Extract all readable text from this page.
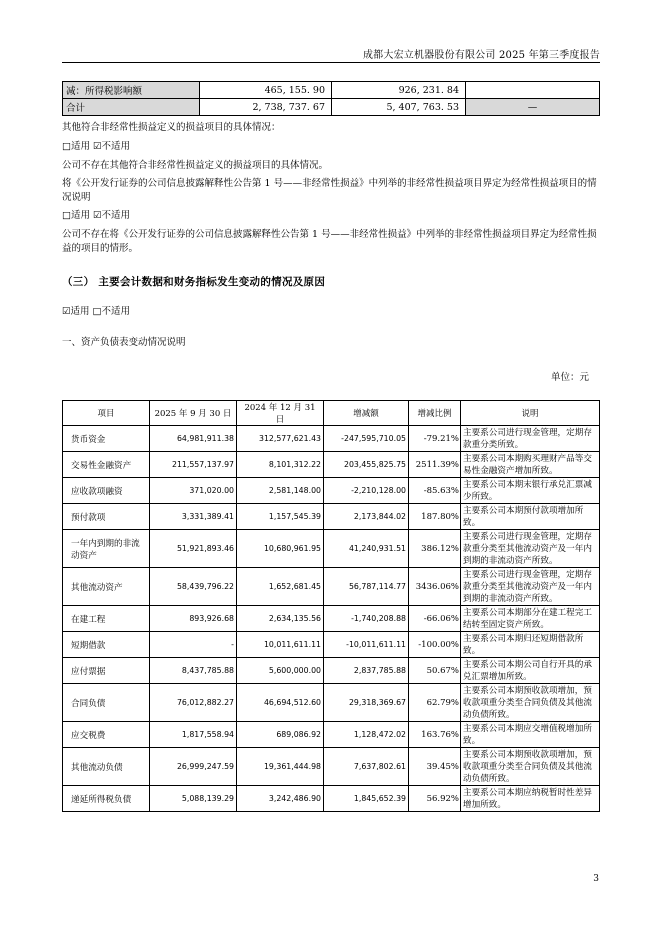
成都大宏立机器股份有限公司 2025 年第三季度报告
减：所得税影响额	465, 155. 90	926, 231. 84	
合计	2, 738, 737. 67	5, 407, 763. 53	—
其他符合非经常性损益定义的损益项目的具体情况：
□适用 ☑不适用
公司不存在其他符合非经常性损益定义的损益项目的具体情况。
将《公开发行证券的公司信息披露解释性公告第 1 号——非经常性损益》中列举的非经常性损益项目界定为经常性损益项目的情况说明
□适用 ☑不适用
公司不存在将《公开发行证券的公司信息披露解释性公告第 1 号——非经常性损益》中列举的非经常性损益项目界定为经常性损益的项目的情形。
（三） 主要会计数据和财务指标发生变动的情况及原因
☑适用 □不适用
一、资产负债表变动情况说明
单位：元
项目	2025 年 9 月 30 日	2024 年 12 月 31 日	增减额	增减比例	说明
货币资金	64,981,911.38	312,577,621.43	-247,595,710.05	-79.21%	主要系公司进行现金管理，定期存款重分类所致。
交易性金融资产	211,557,137.97	8,101,312.22	203,455,825.75	2511.39%	主要系公司本期购买理财产品等交易性金融资产增加所致。
应收款项融资	371,020.00	2,581,148.00	-2,210,128.00	-85.63%	主要系公司本期末银行承兑汇票减少所致。
预付款项	3,331,389.41	1,157,545.39	2,173,844.02	187.80%	主要系公司本期预付款项增加所致。
一年内到期的非流动资产	51,921,893.46	10,680,961.95	41,240,931.51	386.12%	主要系公司进行现金管理，定期存款重分类至其他流动资产及一年内到期的非流动资产所致。
其他流动资产	58,439,796.22	1,652,681.45	56,787,114.77	3436.06%	主要系公司进行现金管理，定期存款重分类至其他流动资产及一年内到期的非流动资产所致。
在建工程	893,926.68	2,634,135.56	-1,740,208.88	-66.06%	主要系公司本期部分在建工程完工结转至固定资产所致。
短期借款	-	10,011,611.11	-10,011,611.11	-100.00%	主要系公司本期归还短期借款所致。
应付票据	8,437,785.88	5,600,000.00	2,837,785.88	50.67%	主要系公司本期公司自行开具的承兑汇票增加所致。
合同负债	76,012,882.27	46,694,512.60	29,318,369.67	62.79%	主要系公司本期预收款项增加，预收款项重分类至合同负债及其他流动负债所致。
应交税费	1,817,558.94	689,086.92	1,128,472.02	163.76%	主要系公司本期应交增值税增加所致。
其他流动负债	26,999,247.59	19,361,444.98	7,637,802.61	39.45%	主要系公司本期预收款项增加，预收款项重分类至合同负债及其他流动负债所致。
递延所得税负债	5,088,139.29	3,242,486.90	1,845,652.39	56.92%	主要系公司本期应纳税暂时性差异增加所致。
3
